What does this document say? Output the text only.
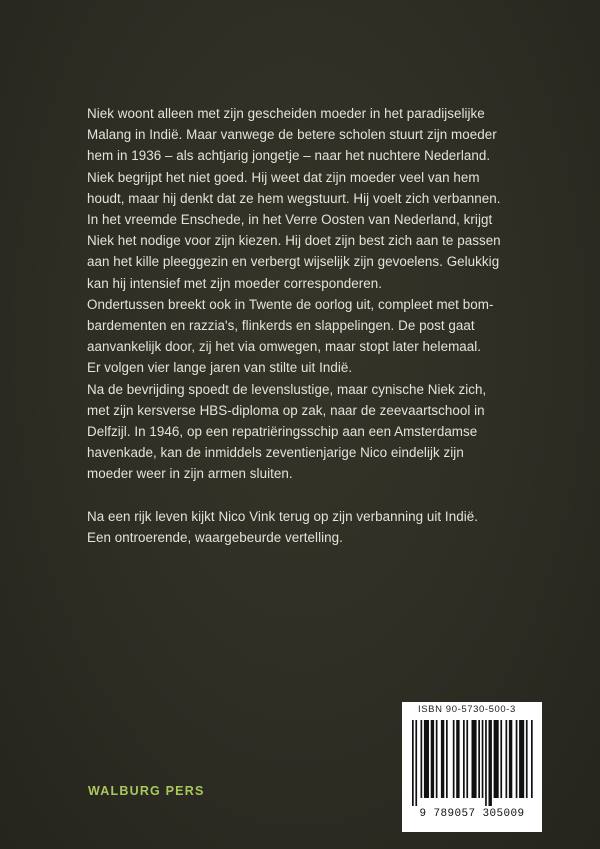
Niek woont alleen met zijn gescheiden moeder in het paradijselijke
Malang in Indië. Maar vanwege de betere scholen stuurt zijn moeder
hem in 1936 – als achtjarig jongetje – naar het nuchtere Nederland.
Niek begrijpt het niet goed. Hij weet dat zijn moeder veel van hem
houdt, maar hij denkt dat ze hem wegstuurt. Hij voelt zich verbannen.
In het vreemde Enschede, in het Verre Oosten van Nederland, krijgt
Niek het nodige voor zijn kiezen. Hij doet zijn best zich aan te passen
aan het kille pleeggezin en verbergt wijselijk zijn gevoelens. Gelukkig
kan hij intensief met zijn moeder corresponderen.
Ondertussen breekt ook in Twente de oorlog uit, compleet met bom-
bardementen en razzia's, flinkerds en slappelingen. De post gaat
aanvankelijk door, zij het via omwegen, maar stopt later helemaal.
Er volgen vier lange jaren van stilte uit Indië.
Na de bevrijding spoedt de levenslustige, maar cynische Niek zich,
met zijn kersverse HBS-diploma op zak, naar de zeevaartschool in
Delfzijl. In 1946, op een repatriëringsschip aan een Amsterdamse
havenkade, kan de inmiddels zeventienjarige Nico eindelijk zijn
moeder weer in zijn armen sluiten.
Na een rijk leven kijkt Nico Vink terug op zijn verbanning uit Indië.
Een ontroerende, waargebeurde vertelling.
ISBN 90-5730-500-3
9 789057 305009
WALBURG PERS
